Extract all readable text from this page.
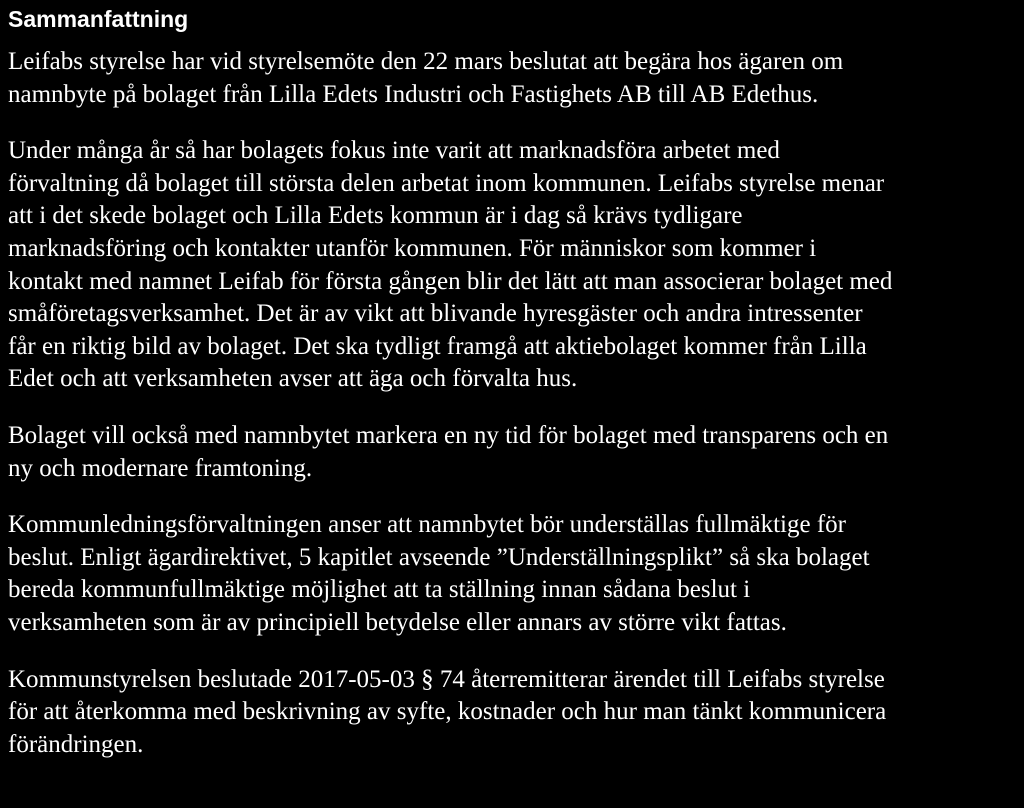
Sammanfattning
Leifabs styrelse har vid styrelsemöte den 22 mars beslutat att begära hos ägaren om
namnbyte på bolaget från Lilla Edets Industri och Fastighets AB till AB Edethus.
Under många år så har bolagets fokus inte varit att marknadsföra arbetet med
förvaltning då bolaget till största delen arbetat inom kommunen. Leifabs styrelse menar
att i det skede bolaget och Lilla Edets kommun är i dag så krävs tydligare
marknadsföring och kontakter utanför kommunen. För människor som kommer i
kontakt med namnet Leifab för första gången blir det lätt att man associerar bolaget med
småföretagsverksamhet. Det är av vikt att blivande hyresgäster och andra intressenter
får en riktig bild av bolaget. Det ska tydligt framgå att aktiebolaget kommer från Lilla
Edet och att verksamheten avser att äga och förvalta hus.
Bolaget vill också med namnbytet markera en ny tid för bolaget med transparens och en
ny och modernare framtoning.
Kommunledningsförvaltningen anser att namnbytet bör underställas fullmäktige för
beslut. Enligt ägardirektivet, 5 kapitlet avseende ”Underställningsplikt” så ska bolaget
bereda kommunfullmäktige möjlighet att ta ställning innan sådana beslut i
verksamheten som är av principiell betydelse eller annars av större vikt fattas.
Kommunstyrelsen beslutade 2017-05-03 § 74 återremitterar ärendet till Leifabs styrelse
för att återkomma med beskrivning av syfte, kostnader och hur man tänkt kommunicera
förändringen.
